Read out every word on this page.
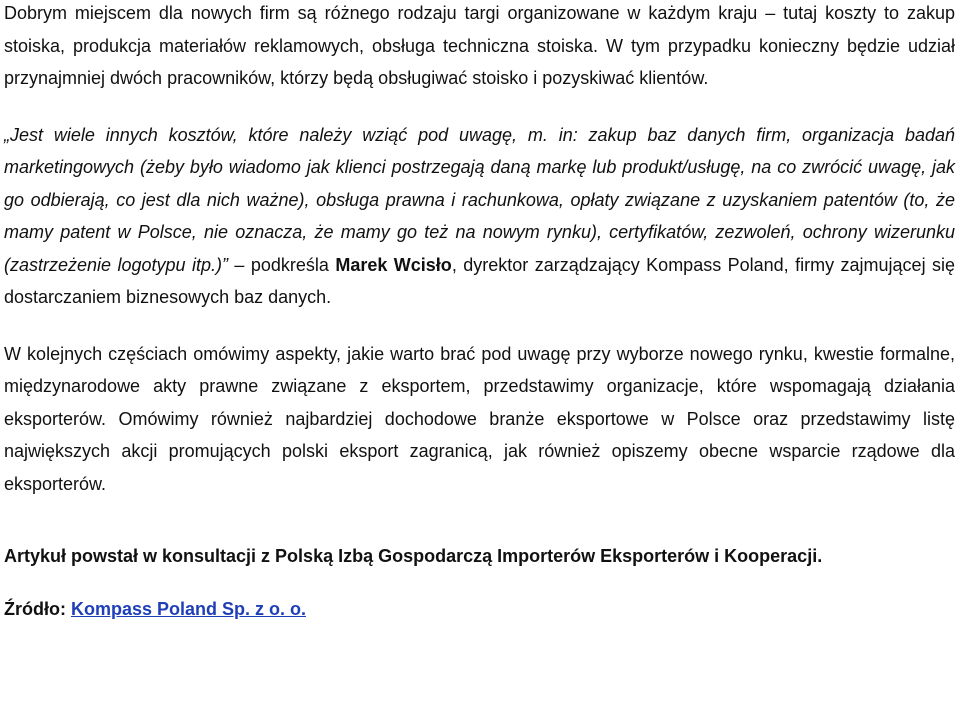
Dobrym miejscem dla nowych firm są różnego rodzaju targi organizowane w każdym kraju – tutaj koszty to zakup stoiska, produkcja materiałów reklamowych, obsługa techniczna stoiska. W tym przypadku konieczny będzie udział przynajmniej dwóch pracowników, którzy będą obsługiwać stoisko i pozyskiwać klientów.

„Jest wiele innych kosztów, które należy wziąć pod uwagę, m. in: zakup baz danych firm, organizacja badań marketingowych (żeby było wiadomo jak klienci postrzegają daną markę lub produkt/usługę, na co zwrócić uwagę, jak go odbierają, co jest dla nich ważne), obsługa prawna i rachunkowa, opłaty związane z uzyskaniem patentów (to, że mamy patent w Polsce, nie oznacza, że mamy go też na nowym rynku), certyfikatów, zezwoleń, ochrony wizerunku (zastrzeżenie logotypu itp.)” – podkreśla Marek Wcisło, dyrektor zarządzający Kompass Poland, firmy zajmującej się dostarczaniem biznesowych baz danych.

W kolejnych częściach omówimy aspekty, jakie warto brać pod uwagę przy wyborze nowego rynku, kwestie formalne, międzynarodowe akty prawne związane z eksportem, przedstawimy organizacje, które wspomagają działania eksporterów. Omówimy również najbardziej dochodowe branże eksportowe w Polsce oraz przedstawimy listę największych akcji promujących polski eksport zagranicą, jak również opiszemy obecne wsparcie rządowe dla eksporterów.

Artykuł powstał w konsultacji z Polską Izbą Gospodarczą Importerów Eksporterów i Kooperacji.

Źródło: Kompass Poland Sp. z o. o.
